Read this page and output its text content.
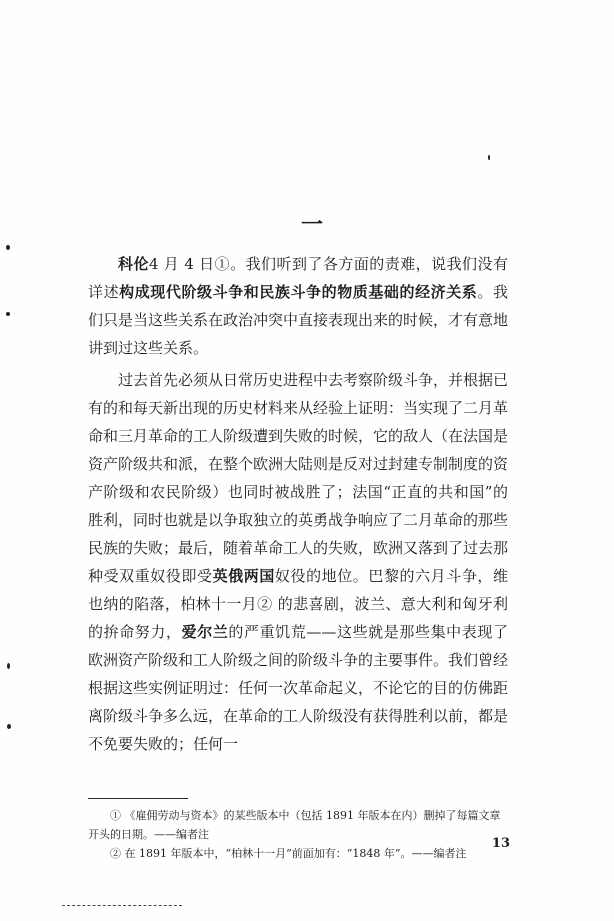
一

科伦4 月 4 日①。我们听到了各方面的责难，说我们没有详述构成现代阶级斗争和民族斗争的物质基础的经济关系。我们只是当这些关系在政治冲突中直接表现出来的时候，才有意地讲到过这些关系。

过去首先必须从日常历史进程中去考察阶级斗争，并根据已有的和每天新出现的历史材料来从经验上证明：当实现了二月革命和三月革命的工人阶级遭到失败的时候，它的敌人（在法国是资产阶级共和派，在整个欧洲大陆则是反对过封建专制制度的资产阶级和农民阶级）也同时被战胜了；法国“正直的共和国”的胜利，同时也就是以争取独立的英勇战争响应了二月革命的那些民族的失败；最后，随着革命工人的失败，欧洲又落到了过去那种受双重奴役即受英俄两国奴役的地位。巴黎的六月斗争，维也纳的陷落，柏林十一月② 的悲喜剧，波兰、意大利和匈牙利的拚命努力，爱尔兰的严重饥荒——这些就是那些集中表现了欧洲资产阶级和工人阶级之间的阶级斗争的主要事件。我们曾经根据这些实例证明过：任何一次革命起义，不论它的目的仿佛距离阶级斗争多么远，在革命的工人阶级没有获得胜利以前，都是不免要失败的；任何一

① 《雇佣劳动与资本》的某些版本中（包括 1891 年版本在内）删掉了每篇文章开头的日期。——编者注

② 在 1891 年版本中，“柏林十一月”前面加有：“1848 年”。——编者注

13
